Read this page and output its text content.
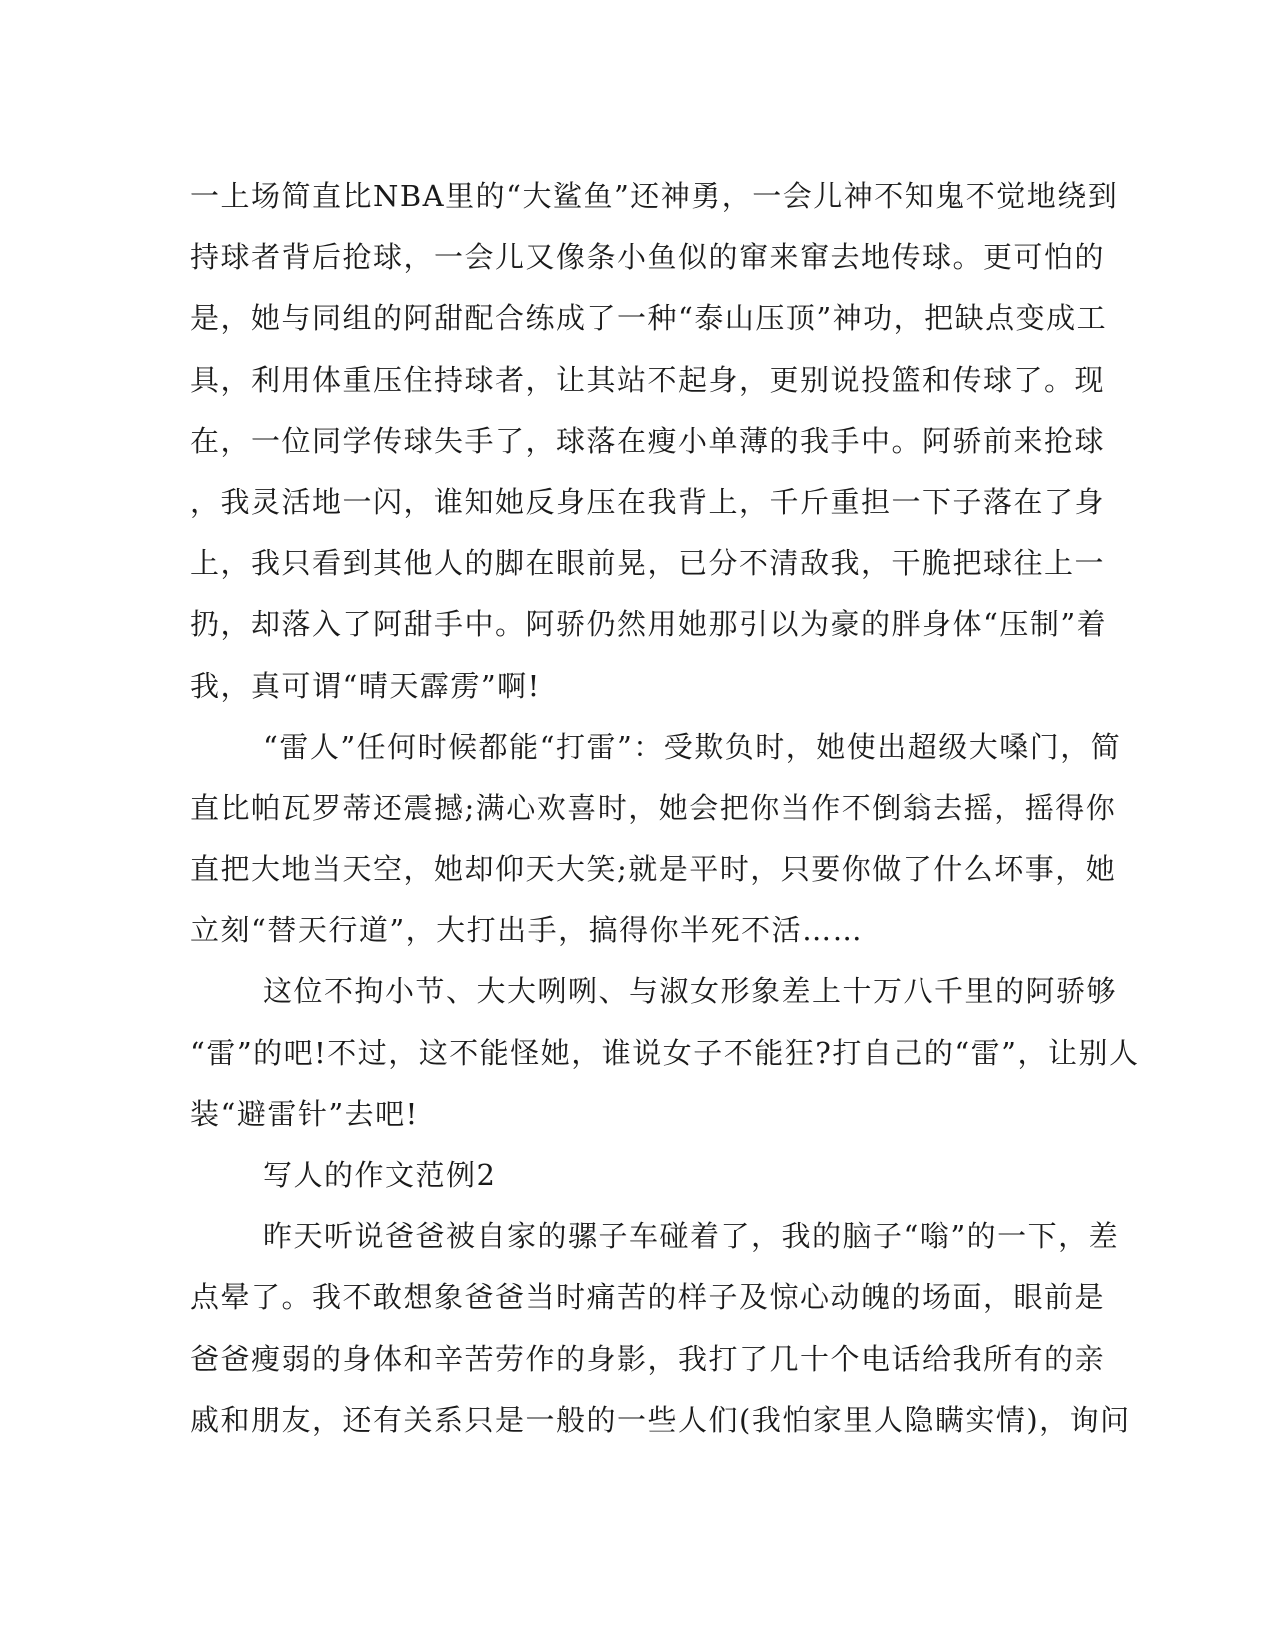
一上场简直比NBA里的“大鲨鱼”还神勇，一会儿神不知鬼不觉地绕到
持球者背后抢球，一会儿又像条小鱼似的窜来窜去地传球。更可怕的
是，她与同组的阿甜配合练成了一种“泰山压顶”神功，把缺点变成工
具，利用体重压住持球者，让其站不起身，更别说投篮和传球了。现
在，一位同学传球失手了，球落在瘦小单薄的我手中。阿骄前来抢球
，我灵活地一闪，谁知她反身压在我背上，千斤重担一下子落在了身
上，我只看到其他人的脚在眼前晃，已分不清敌我，干脆把球往上一
扔，却落入了阿甜手中。阿骄仍然用她那引以为豪的胖身体“压制”着
我，真可谓“晴天霹雳”啊!
“雷人”任何时候都能“打雷”：受欺负时，她使出超级大嗓门，简
直比帕瓦罗蒂还震撼;满心欢喜时，她会把你当作不倒翁去摇，摇得你
直把大地当天空，她却仰天大笑;就是平时，只要你做了什么坏事，她
立刻“替天行道”，大打出手，搞得你半死不活……
这位不拘小节、大大咧咧、与淑女形象差上十万八千里的阿骄够
“雷”的吧!不过，这不能怪她，谁说女子不能狂?打自己的“雷”，让别人
装“避雷针”去吧!
写人的作文范例2
昨天听说爸爸被自家的骡子车碰着了，我的脑子“嗡”的一下，差
点晕了。我不敢想象爸爸当时痛苦的样子及惊心动魄的场面，眼前是
爸爸瘦弱的身体和辛苦劳作的身影，我打了几十个电话给我所有的亲
戚和朋友，还有关系只是一般的一些人们(我怕家里人隐瞒实情)，询问
